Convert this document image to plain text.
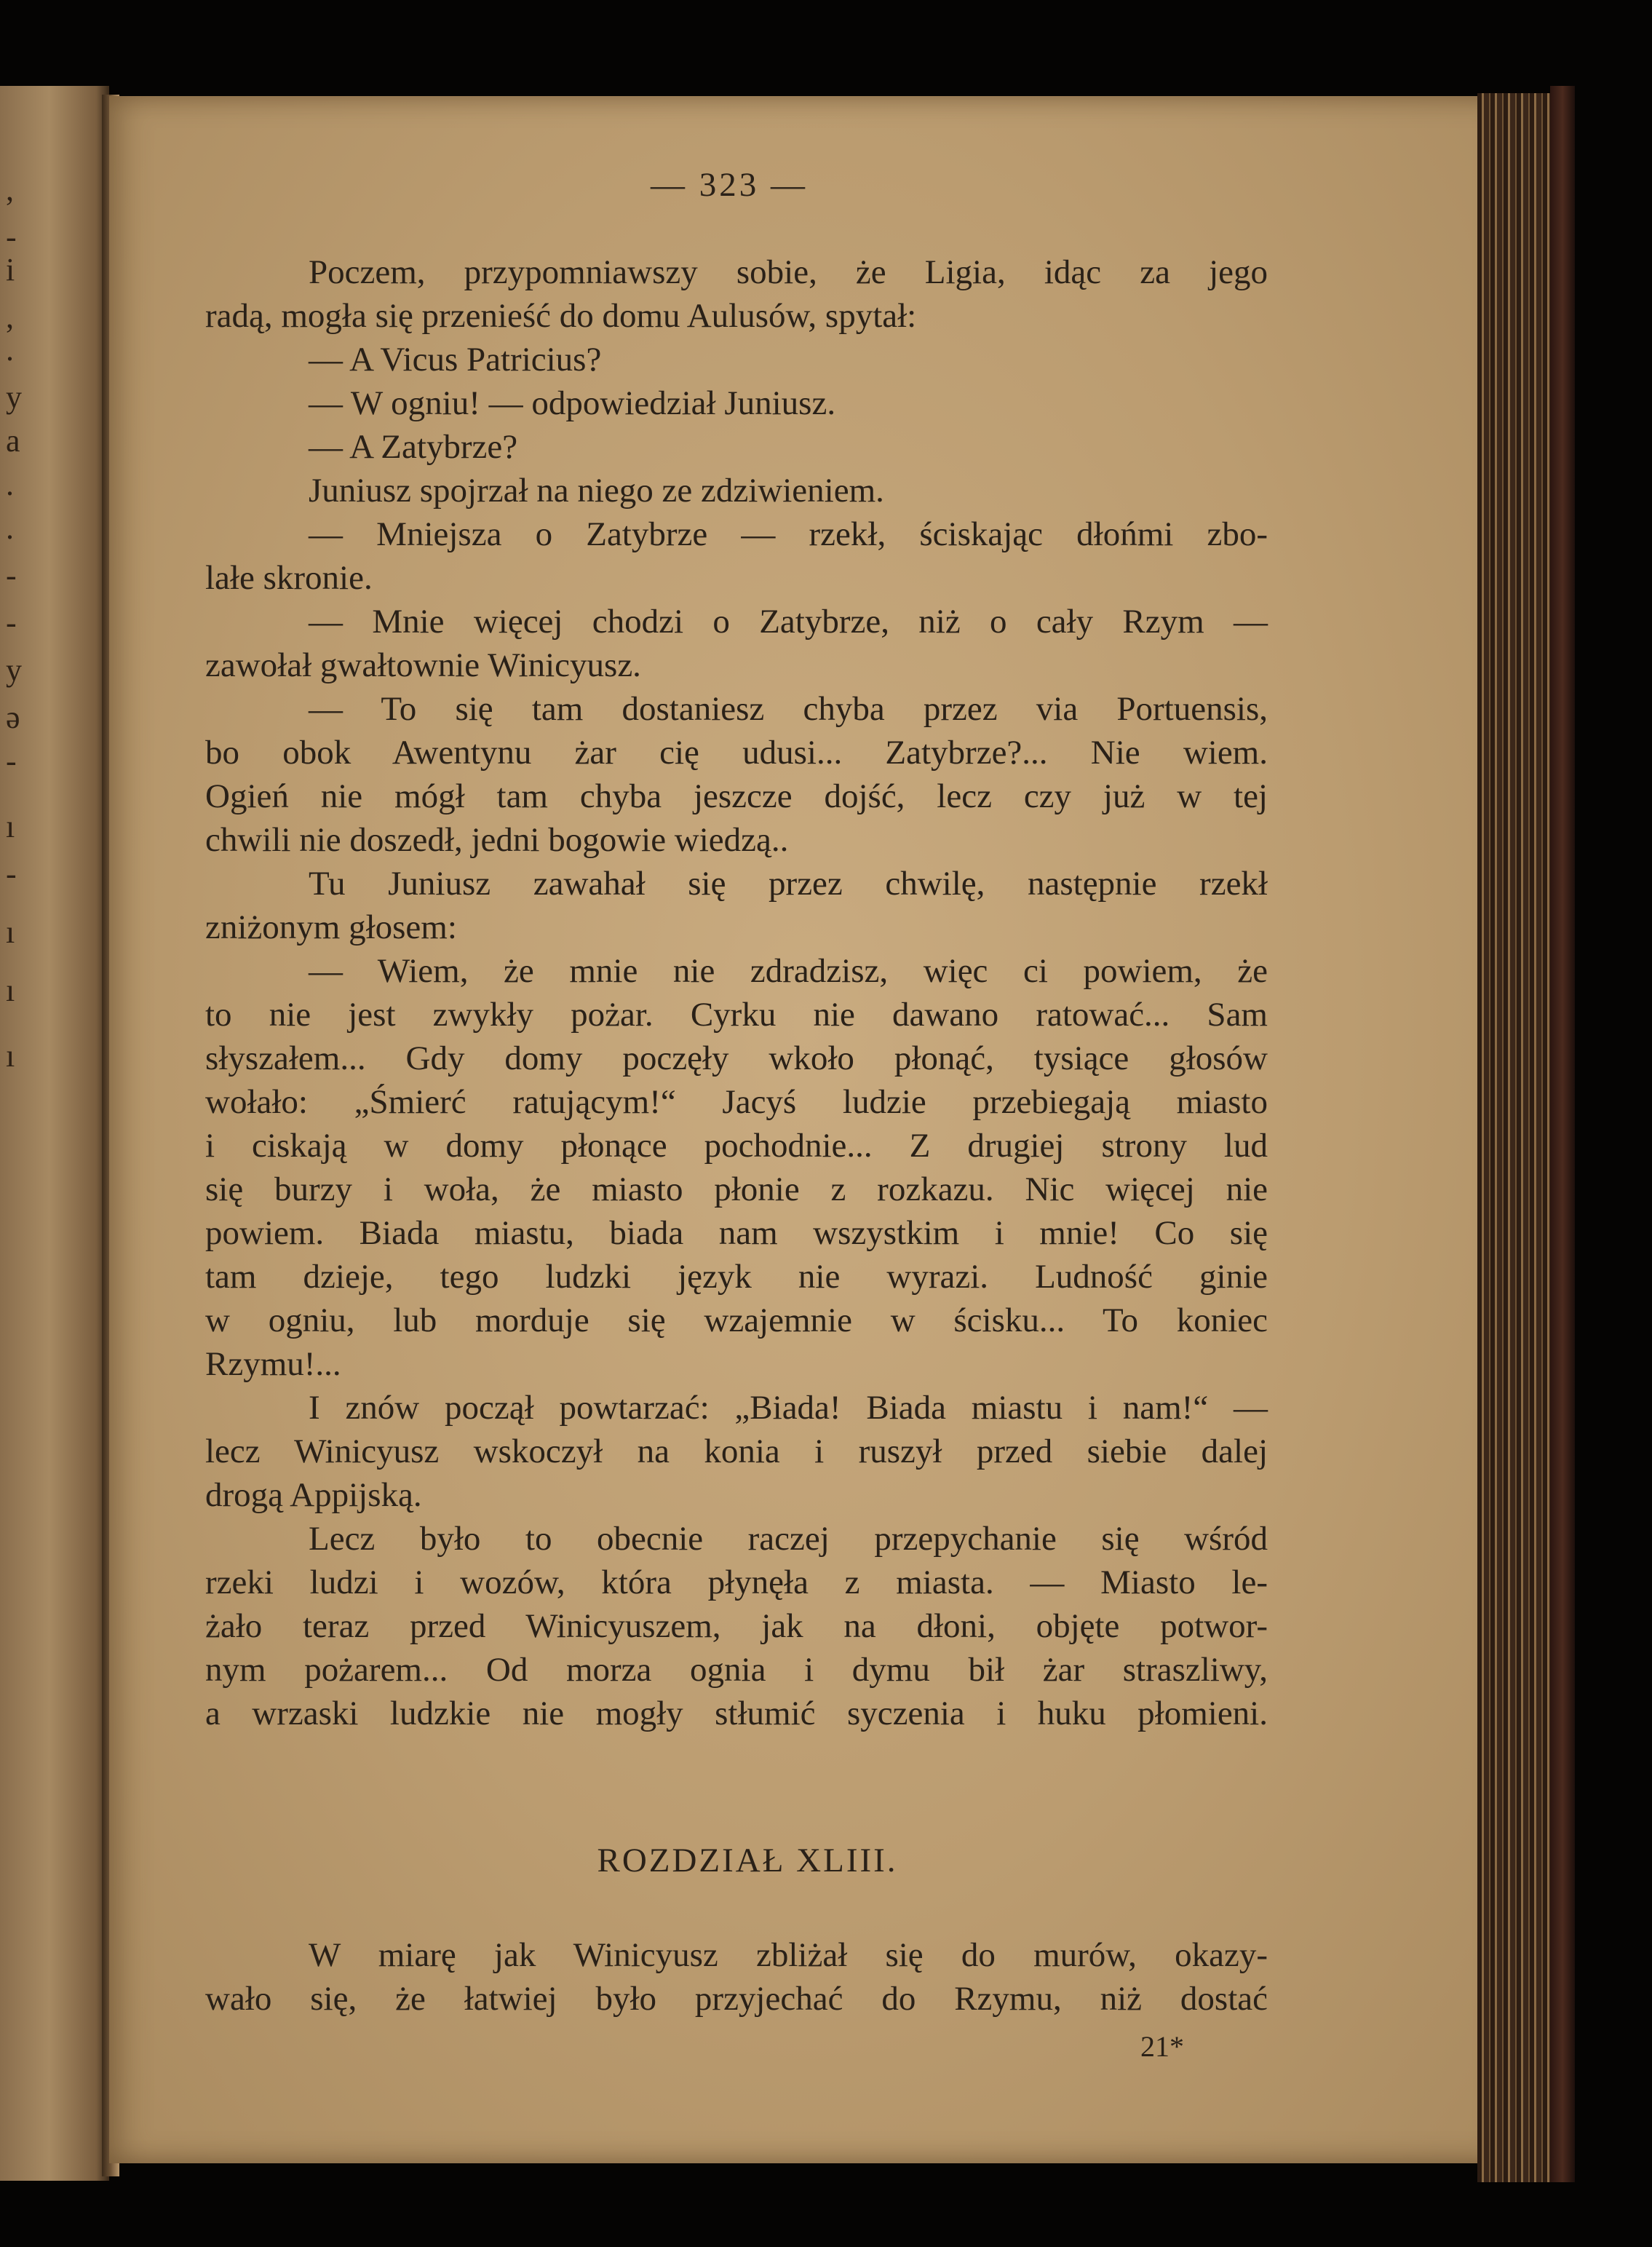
,
-
i
,
.
y
a
.
.
-
-
y
ə
-
ı
-
ı
ı
ı
— 323 —
Poczem, przypomniawszy sobie, że Ligia, idąc za jego
radą, mogła się przenieść do domu Aulusów, spytał:
— A Vicus Patricius?
— W ogniu! — odpowiedział Juniusz.
— A Zatybrze?
Juniusz spojrzał na niego ze zdziwieniem.
— Mniejsza o Zatybrze — rzekł, ściskając dłońmi zbo-
lałe skronie.
— Mnie więcej chodzi o Zatybrze, niż o cały Rzym —
zawołał gwałtownie Winicyusz.
— To się tam dostaniesz chyba przez via Portuensis,
bo obok Awentynu żar cię udusi... Zatybrze?... Nie wiem.
Ogień nie mógł tam chyba jeszcze dojść, lecz czy już w tej
chwili nie doszedł, jedni bogowie wiedzą..
Tu Juniusz zawahał się przez chwilę, następnie rzekł
zniżonym głosem:
— Wiem, że mnie nie zdradzisz, więc ci powiem, że
to nie jest zwykły pożar. Cyrku nie dawano ratować... Sam
słyszałem... Gdy domy poczęły wkoło płonąć, tysiące głosów
wołało: „Śmierć ratującym!“ Jacyś ludzie przebiegają miasto
i ciskają w domy płonące pochodnie... Z drugiej strony lud
się burzy i woła, że miasto płonie z rozkazu. Nic więcej nie
powiem. Biada miastu, biada nam wszystkim i mnie! Co się
tam dzieje, tego ludzki język nie wyrazi. Ludność ginie
w ogniu, lub morduje się wzajemnie w ścisku... To koniec
Rzymu!...
I znów począł powtarzać: „Biada! Biada miastu i nam!“ —
lecz Winicyusz wskoczył na konia i ruszył przed siebie dalej
drogą Appijską.
Lecz było to obecnie raczej przepychanie się wśród
rzeki ludzi i wozów, która płynęła z miasta. — Miasto le-
żało teraz przed Winicyuszem, jak na dłoni, objęte potwor-
nym pożarem... Od morza ognia i dymu bił żar straszliwy,
a wrzaski ludzkie nie mogły stłumić syczenia i huku płomieni.
ROZDZIAŁ XLIII.
W miarę jak Winicyusz zbliżał się do murów, okazy-
wało się, że łatwiej było przyjechać do Rzymu, niż dostać
21*
